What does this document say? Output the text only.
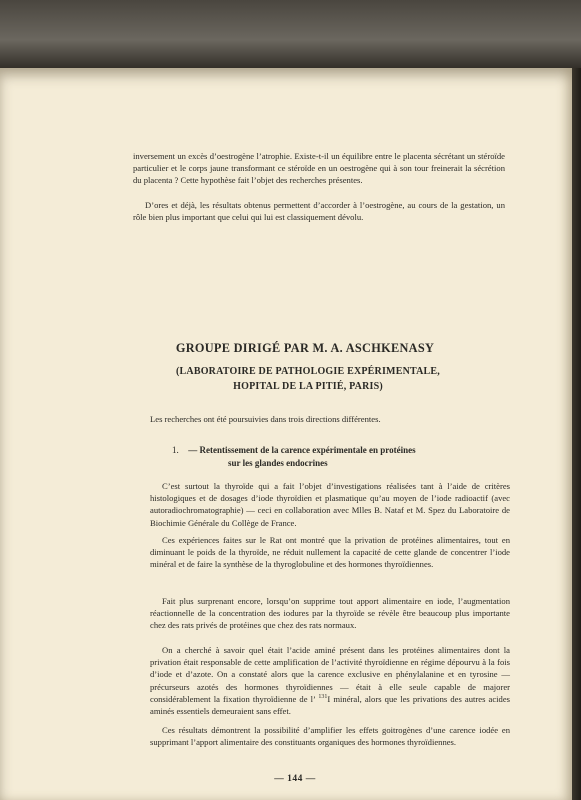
inversement un excès d’oestrogène l’atrophie. Existe-t-il un équilibre entre le placenta sécrétant un stéroïde particulier et le corps jaune transformant ce stéroïde en un oestrogène qui à son tour freinerait la sécrétion du placenta ? Cette hypothèse fait l’objet des recherches présentes.

D’ores et déjà, les résultats obtenus permettent d’accorder à l’oestrogène, au cours de la gestation, un rôle bien plus important que celui qui lui est classiquement dévolu.

GROUPE DIRIGÉ PAR M. A. ASCHKENASY

(LABORATOIRE DE PATHOLOGIE EXPÉRIMENTALE,
HOPITAL DE LA PITIÉ, PARIS)

Les recherches ont été poursuivies dans trois directions différentes.

1. — Retentissement de la carence expérimentale en protéines
sur les glandes endocrines

C’est surtout la thyroïde qui a fait l’objet d’investigations réalisées tant à l’aide de critères histologiques et de dosages d’iode thyroïdien et plasmatique qu’au moyen de l’iode radioactif (avec autoradiochromatographie) — ceci en collaboration avec Mlles B. Nataf et M. Spez du Laboratoire de Biochimie Générale du Collège de France.

Ces expériences faites sur le Rat ont montré que la privation de protéines alimentaires, tout en diminuant le poids de la thyroïde, ne réduit nullement la capacité de cette glande de concentrer l’iode minéral et de faire la synthèse de la thyroglobuline et des hormones thyroïdiennes.

Fait plus surprenant encore, lorsqu’on supprime tout apport alimentaire en iode, l’augmentation réactionnelle de la concentration des iodures par la thyroïde se révèle être beaucoup plus importante chez des rats privés de protéines que chez des rats normaux.

On a cherché à savoir quel était l’acide aminé présent dans les protéines alimentaires dont la privation était responsable de cette amplification de l’activité thyroïdienne en régime dépourvu à la fois d’iode et d’azote. On a constaté alors que la carence exclusive en phénylalanine et en tyrosine — précurseurs azotés des hormones thyroïdiennes — était à elle seule capable de majorer considérablement la fixation thyroïdienne de l’ $^{131}$I minéral, alors que les privations des autres acides aminés essentiels demeuraient sans effet.

Ces résultats démontrent la possibilité d’amplifier les effets goitrogènes d’une carence iodée en supprimant l’apport alimentaire des constituants organiques des hormones thyroïdiennes.

— 144 —
